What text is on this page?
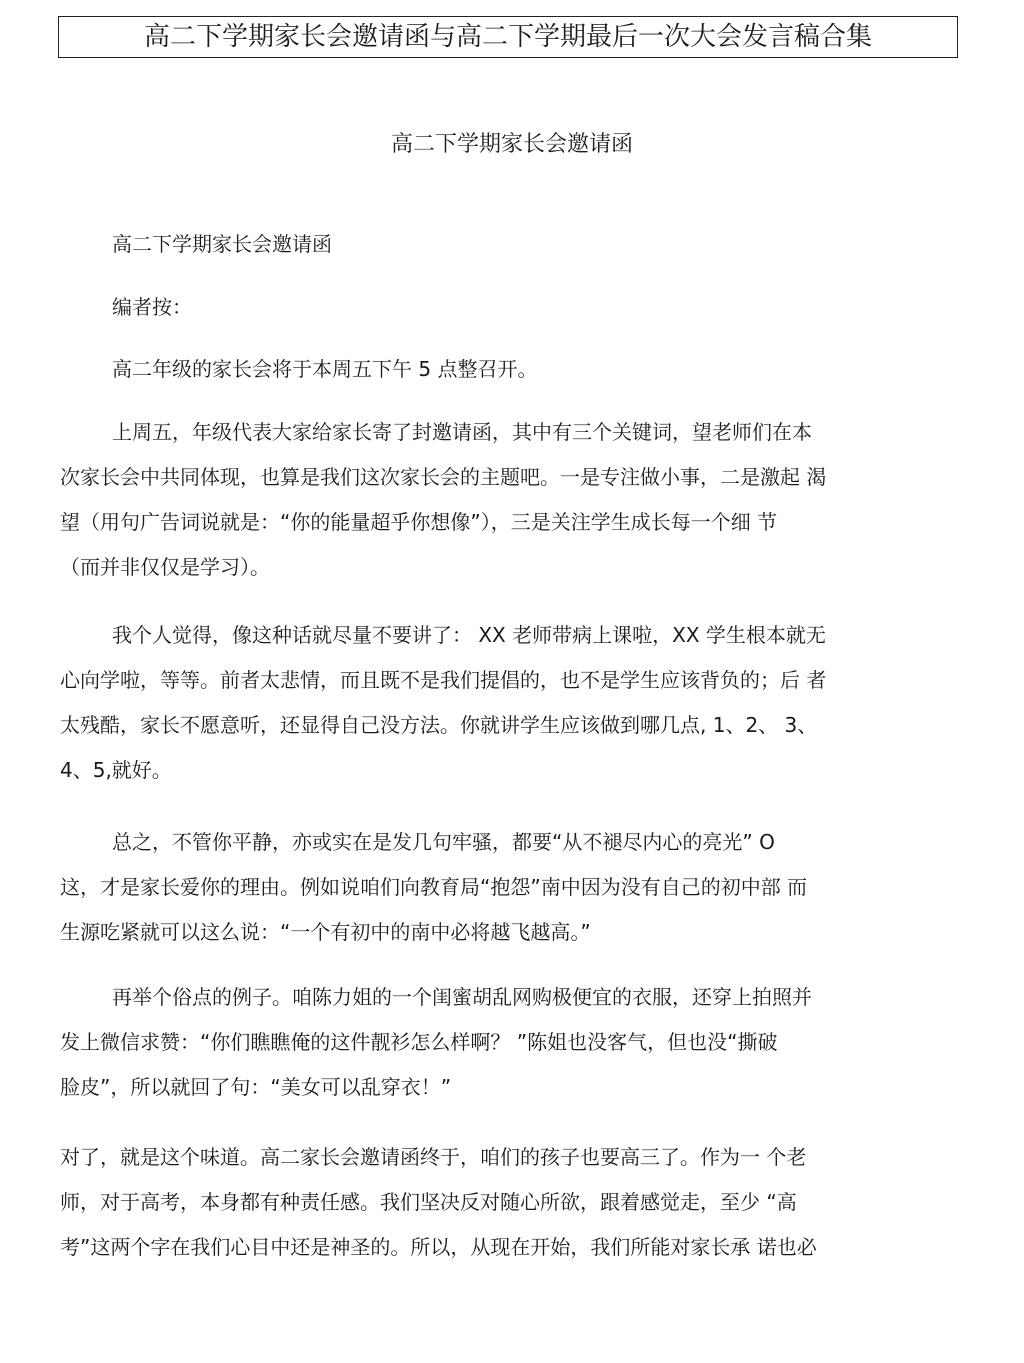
高二下学期家长会邀请函与高二下学期最后一次大会发言稿合集
高二下学期家长会邀请函
高二下学期家长会邀请函
编者按：
高二年级的家长会将于本周五下午 5 点整召开。
上周五，年级代表大家给家长寄了封邀请函，其中有三个关键词，望老师们在本
次家长会中共同体现，也算是我们这次家长会的主题吧。一是专注做小事，二是激起 渴
望（用句广告词说就是：“你的能量超乎你想像”），三是关注学生成长每一个细 节
（而并非仅仅是学习）。
我个人觉得，像这种话就尽量不要讲了： XX 老师带病上课啦，XX 学生根本就无
心向学啦，等等。前者太悲情，而且既不是我们提倡的，也不是学生应该背负的；后 者
太残酷，家长不愿意听，还显得自己没方法。你就讲学生应该做到哪几点, 1、2、 3、
4、5,就好。
总之，不管你平静，亦或实在是发几句牢骚，都要“从不褪尽内心的亮光” O
这，才是家长爱你的理由。例如说咱们向教育局“抱怨”南中因为没有自己的初中部 而
生源吃紧就可以这么说：“一个有初中的南中必将越飞越高。”
再举个俗点的例子。咱陈力姐的一个闺蜜胡乱网购极便宜的衣服，还穿上拍照并
发上微信求赞：“你们瞧瞧俺的这件靓衫怎么样啊？ ”陈姐也没客气，但也没“撕破
脸皮”，所以就回了句：“美女可以乱穿衣！”
对了，就是这个味道。高二家长会邀请函终于，咱们的孩子也要高三了。作为一 个老
师，对于高考，本身都有种责任感。我们坚决反对随心所欲，跟着感觉走，至少 “高
考”这两个字在我们心目中还是神圣的。所以，从现在开始，我们所能对家长承 诺也必
